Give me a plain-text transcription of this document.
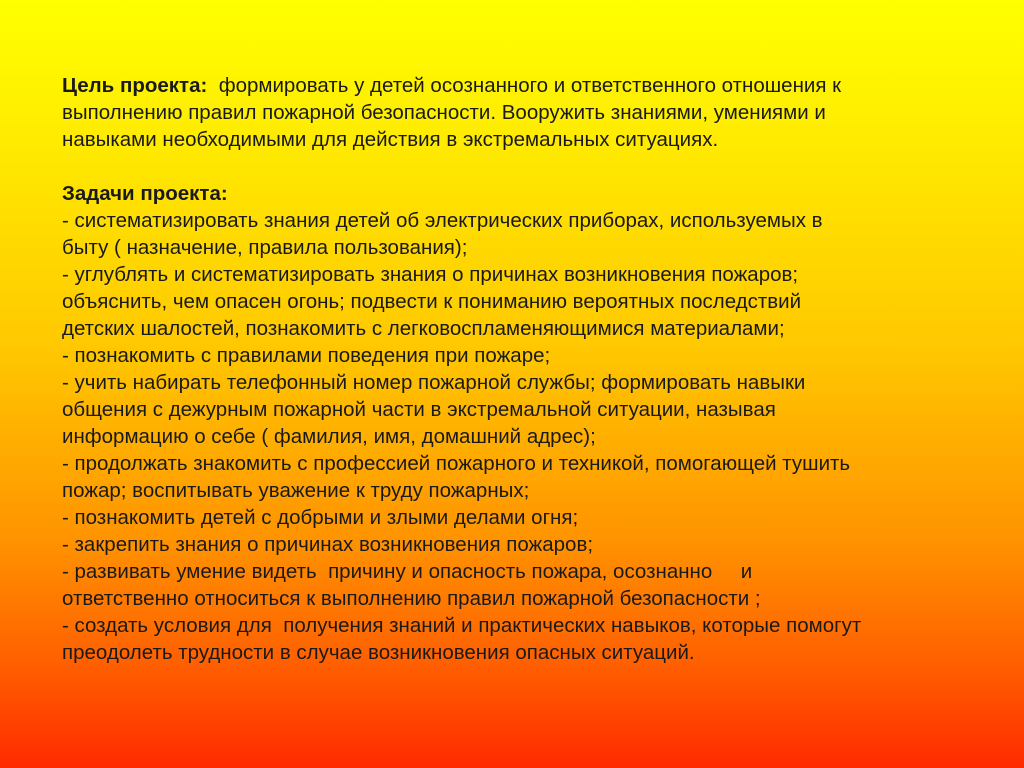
Цель проекта:  формировать у детей осознанного и ответственного отношения к
выполнению правил пожарной безопасности. Вооружить знаниями, умениями и
навыками необходимыми для действия в экстремальных ситуациях.
Задачи проекта:
- систематизировать знания детей об электрических приборах, используемых в
быту ( назначение, правила пользования);
- углублять и систематизировать знания о причинах возникновения пожаров;
объяснить, чем опасен огонь; подвести к пониманию вероятных последствий
детских шалостей, познакомить с легковоспламеняющимися материалами;
- познакомить с правилами поведения при пожаре;
- учить набирать телефонный номер пожарной службы; формировать навыки
общения с дежурным пожарной части в экстремальной ситуации, называя
информацию о себе ( фамилия, имя, домашний адрес);
- продолжать знакомить с профессией пожарного и техникой, помогающей тушить
пожар; воспитывать уважение к труду пожарных;
- познакомить детей с добрыми и злыми делами огня;
- закрепить знания о причинах возникновения пожаров;
- развивать умение видеть  причину и опасность пожара, осознанно     и
ответственно относиться к выполнению правил пожарной безопасности ;
- создать условия для  получения знаний и практических навыков, которые помогут
преодолеть трудности в случае возникновения опасных ситуаций.
